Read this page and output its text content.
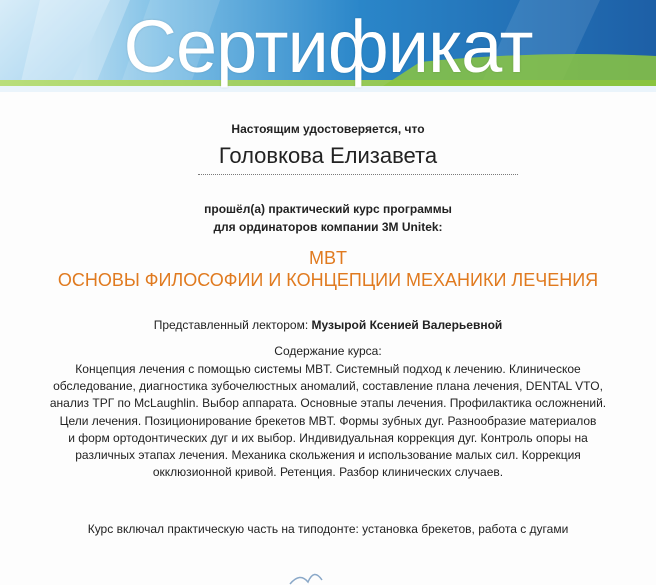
Сертификат
Настоящим удостоверяется, что
Головкова Елизавета
прошёл(а) практический курс программы
для ординаторов компании 3M Unitek:
MBT
ОСНОВЫ ФИЛОСОФИИ И КОНЦЕПЦИИ МЕХАНИКИ ЛЕЧЕНИЯ
Представленный лектором: Музырой Ксенией Валерьевной
Содержание курса:
Концепция лечения с помощью системы MBT. Системный подход к лечению. Клиническое
обследование, диагностика зубочелюстных аномалий, составление плана лечения, DENTAL VTO,
анализ ТРГ по McLaughlin. Выбор аппарата. Основные этапы лечения. Профилактика осложнений.
Цели лечения. Позиционирование брекетов MBT. Формы зубных дуг. Разнообразие материалов
и форм ортодонтических дуг и их выбор. Индивидуальная коррекция дуг. Контроль опоры на
различных этапах лечения. Механика скольжения и использование малых сил. Коррекция
окклюзионной кривой. Ретенция. Разбор клинических случаев.
Курс включал практическую часть на типодонте: установка брекетов, работа с дугами
